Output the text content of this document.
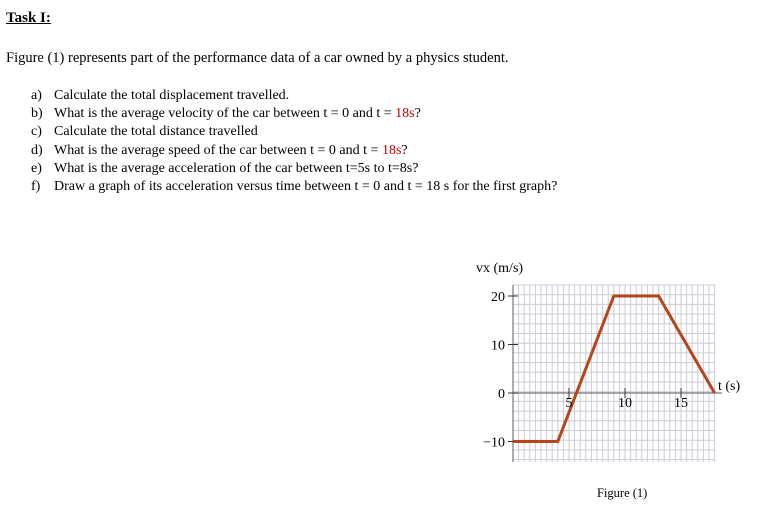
Task I:
Figure (1) represents part of the performance data of a car owned by a physics student.
a) Calculate the total displacement travelled.
b) What is the average velocity of the car between t = 0 and t = 18s?
c) Calculate the total distance travelled
d) What is the average speed of the car between t = 0 and t = 18s?
e) What is the average acceleration of the car between t=5s to t=8s?
f) Draw a graph of its acceleration versus time between t = 0 and t = 18 s for the first graph?
20
10
0
−10
5	10	15
vx (m/s)
t (s)
Figure (1)
